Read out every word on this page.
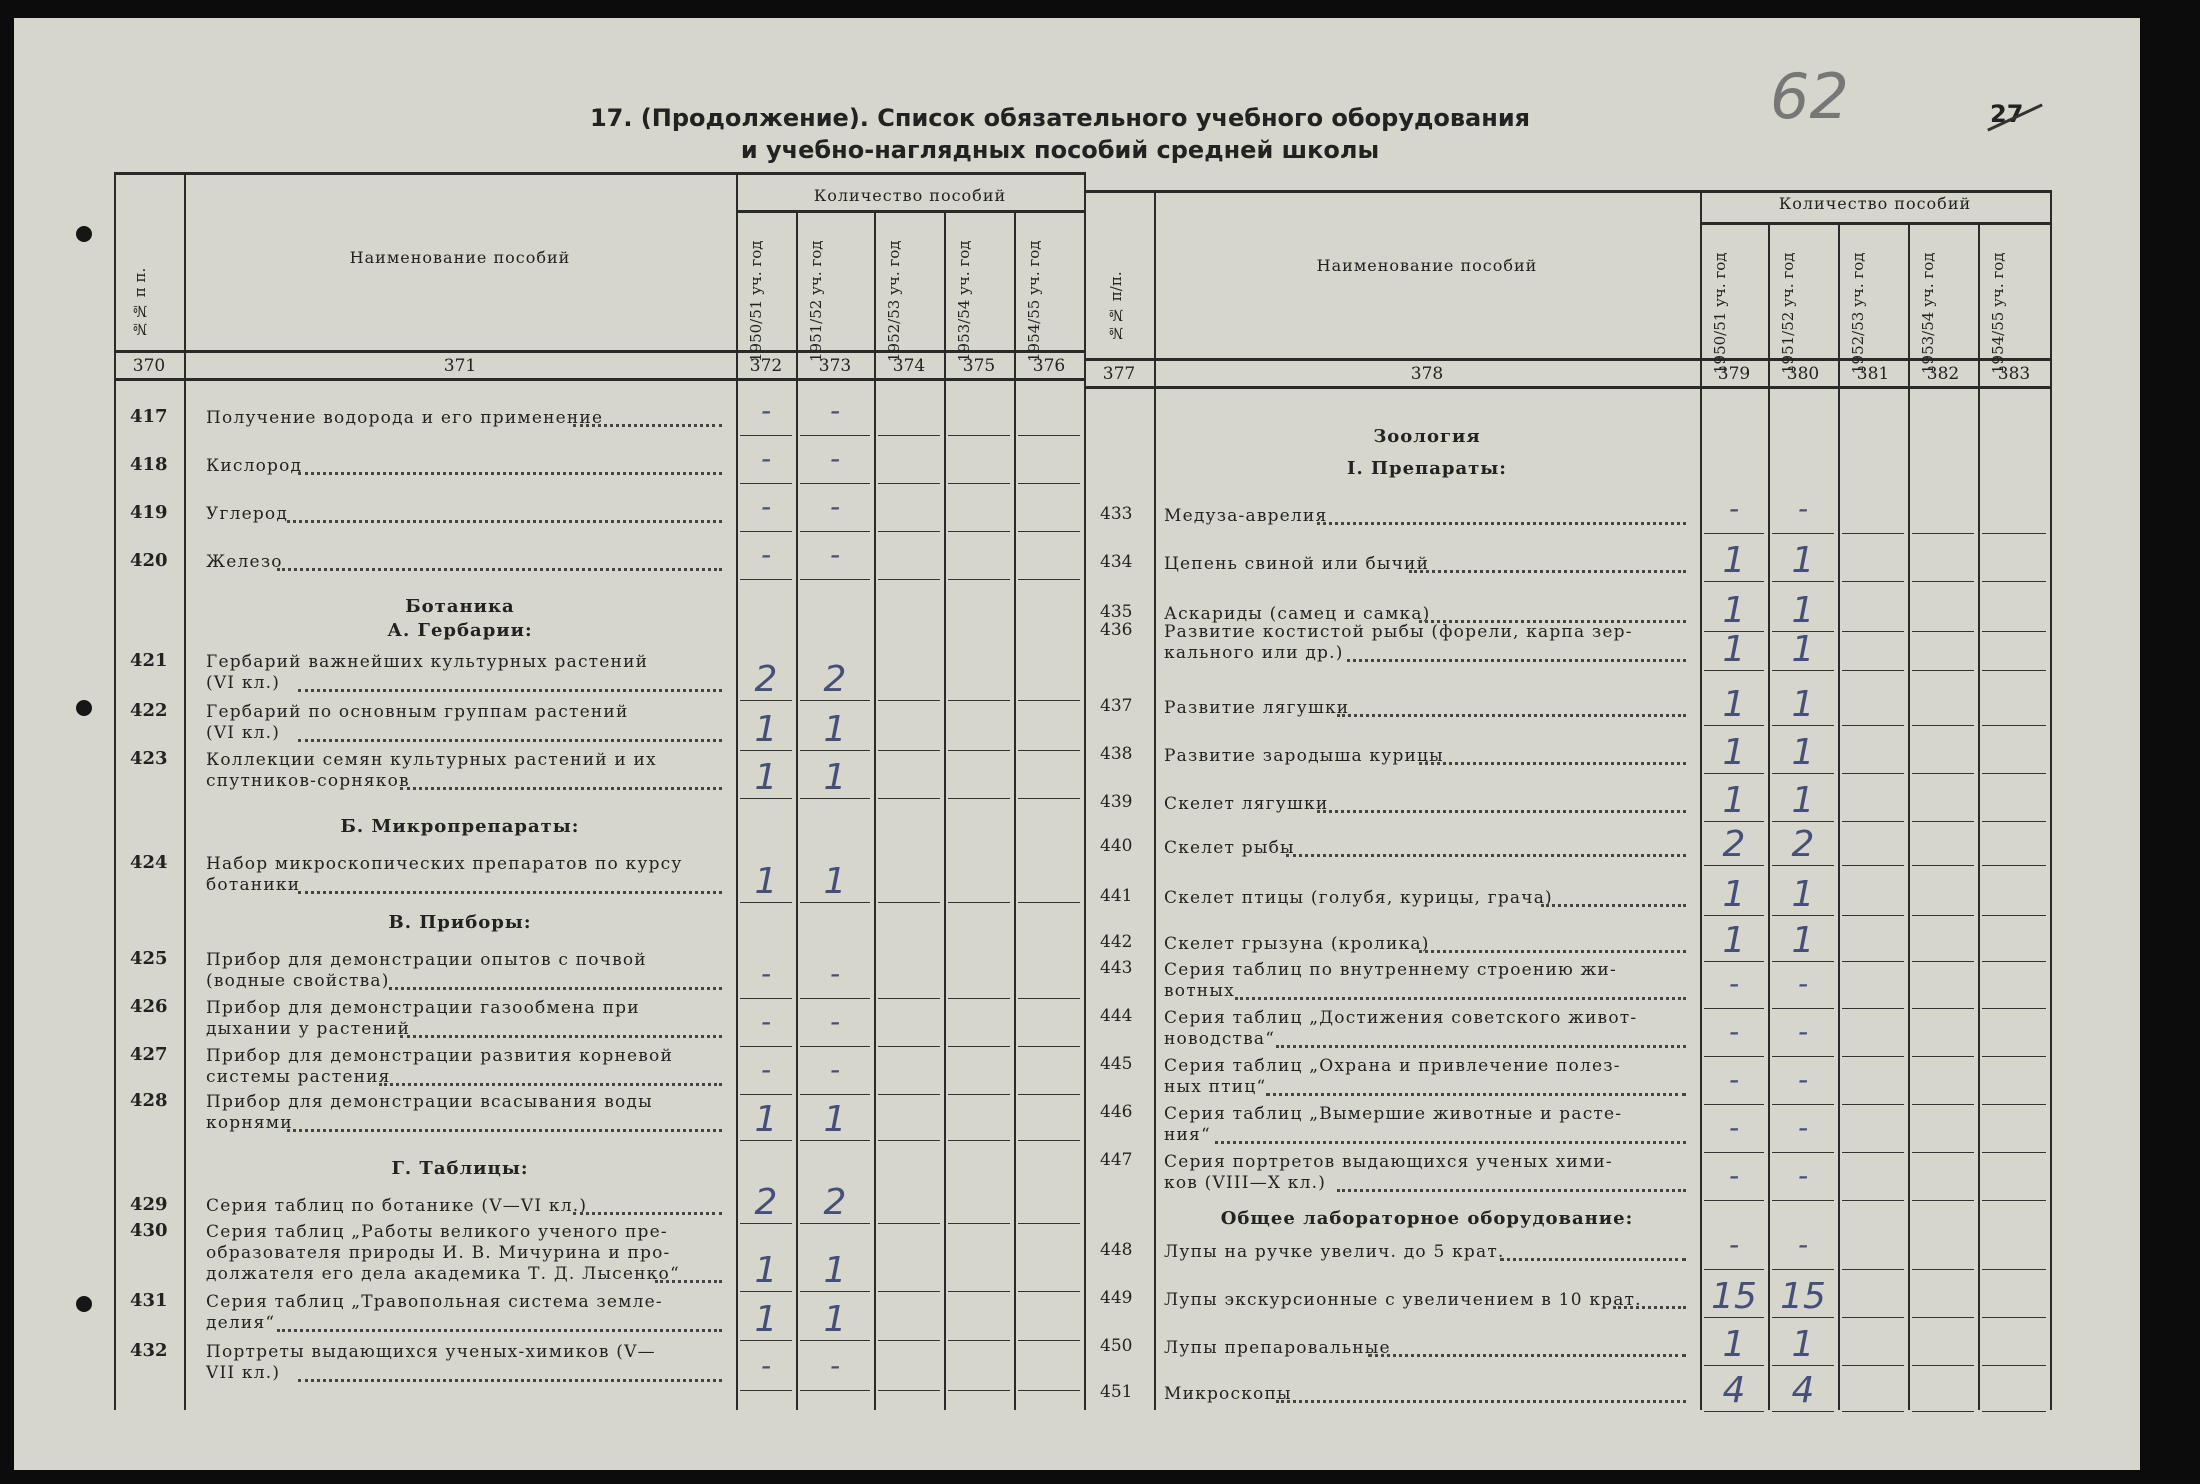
17. (Продолжение). Список обязательного учебного оборудования
и учебно-наглядных пособий средней школы
62	27
№№ п п.
Наименование пособий
Количество пособий
№№ п/п.
Наименование пособий
Количество пособий
1950/51 уч. год	1950/51 уч. год
1951/52 уч. год	1951/52 уч. год
1952/53 уч. год	1952/53 уч. год
1953/54 уч. год	1953/54 уч. год
1954/55 уч. год	1954/55 уч. год
370	371	372	373	374	375	376	377	378	379	380	381	382	383
417 Получение водорода и его применение	-	-
418 Кислород	-	-
419 Углерод	-	-
420 Железо	-	-
Ботаника
А. Гербарии:
421 Гербарий важнейших культурных растений
(VI кл.)	2	2
422 Гербарий по основным группам растений
(VI кл.)	1	1
423 Коллекции семян культурных растений и их
спутников-сорняков	1	1
Б. Микропрепараты:
424 Набор микроскопических препаратов по курсу
ботаники	1	1
В. Приборы:
425 Прибор для демонстрации опытов с почвой
(водные свойства)	-	-
426 Прибор для демонстрации газообмена при
дыхании у растений	-	-
427 Прибор для демонстрации развития корневой
системы растения	-	-
428 Прибор для демонстрации всасывания воды
корнями	1	1
Г. Таблицы:
429 Серия таблиц по ботанике (V—VI кл.)	2	2
430 Серия таблиц „Работы великого ученого пре-
образователя природы И. В. Мичурина и про-
должателя его дела академика Т. Д. Лысенко“	1	1
431 Серия таблиц „Травопольная система земле-
делия“	1	1
432 Портреты выдающихся ученых-химиков (V—
VII кл.)	-	-
Зоология
I. Препараты:
433 Медуза-аврелия	-	-
434 Цепень свиной или бычий	1	1
435 Аскариды (самец и самка)	1	1
436 Развитие костистой рыбы (форели, карпа зер-
кального или др.)	1	1
437 Развитие лягушки	1	1
438 Развитие зародыша курицы	1	1
439 Скелет лягушки	1	1
440 Скелет рыбы	2	2
441 Скелет птицы (голубя, курицы, грача)	1	1
442 Скелет грызуна (кролика)	1	1
443 Серия таблиц по внутреннему строению жи-
вотных	-	-
444 Серия таблиц „Достижения советского живот-
новодства“	-	-
445 Серия таблиц „Охрана и привлечение полез-
ных птиц“	-	-
446 Серия таблиц „Вымершие животные и расте-
ния“	-	-
447 Серия портретов выдающихся ученых хими-
ков (VIII—X кл.)	-	-
Общее лабораторное оборудование:
448 Лупы на ручке увелич. до 5 крат.	-	-
449 Лупы экскурсионные с увеличением в 10 крат. 15 15
450 Лупы препаровальные	1	1
451 Микроскопы	4	4
